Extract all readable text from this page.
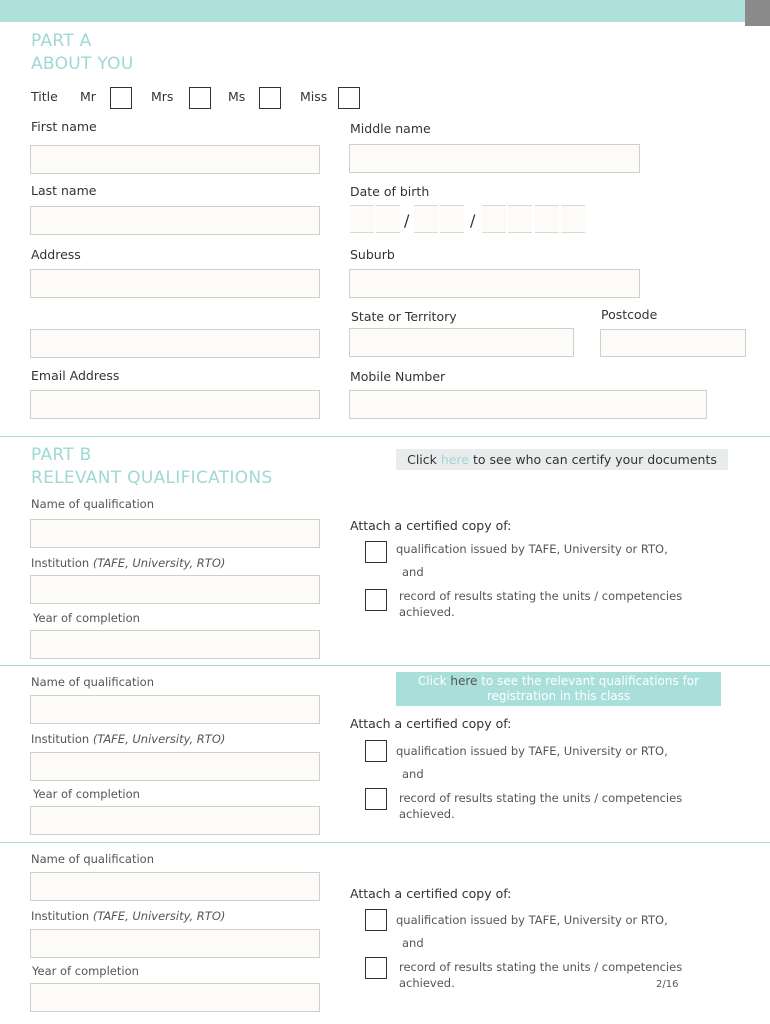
PART A
ABOUT YOU
Title Mr	Mrs	Ms	Miss
First name	Middle name
Last name	Date of birth
/	/
Address	Suburb
State or Territory	Postcode
Email Address	Mobile Number
PART B
RELEVANT QUALIFICATIONS
Click here to see who can certify your documents
Name of qualification
Institution (TAFE, University, RTO)
Year of completion
Attach a certified copy of:
qualification issued by TAFE, University or RTO,
and
record of results stating the units / competencies
achieved.
Name of qualification
Institution (TAFE, University, RTO)
Year of completion
Click here to see the relevant qualifications for
registration in this class
Attach a certified copy of:
qualification issued by TAFE, University or RTO,
and
record of results stating the units / competencies
achieved.
Name of qualification
Institution (TAFE, University, RTO)
Year of completion
Attach a certified copy of:
qualification issued by TAFE, University or RTO,
and
record of results stating the units / competencies
achieved.	2/16
